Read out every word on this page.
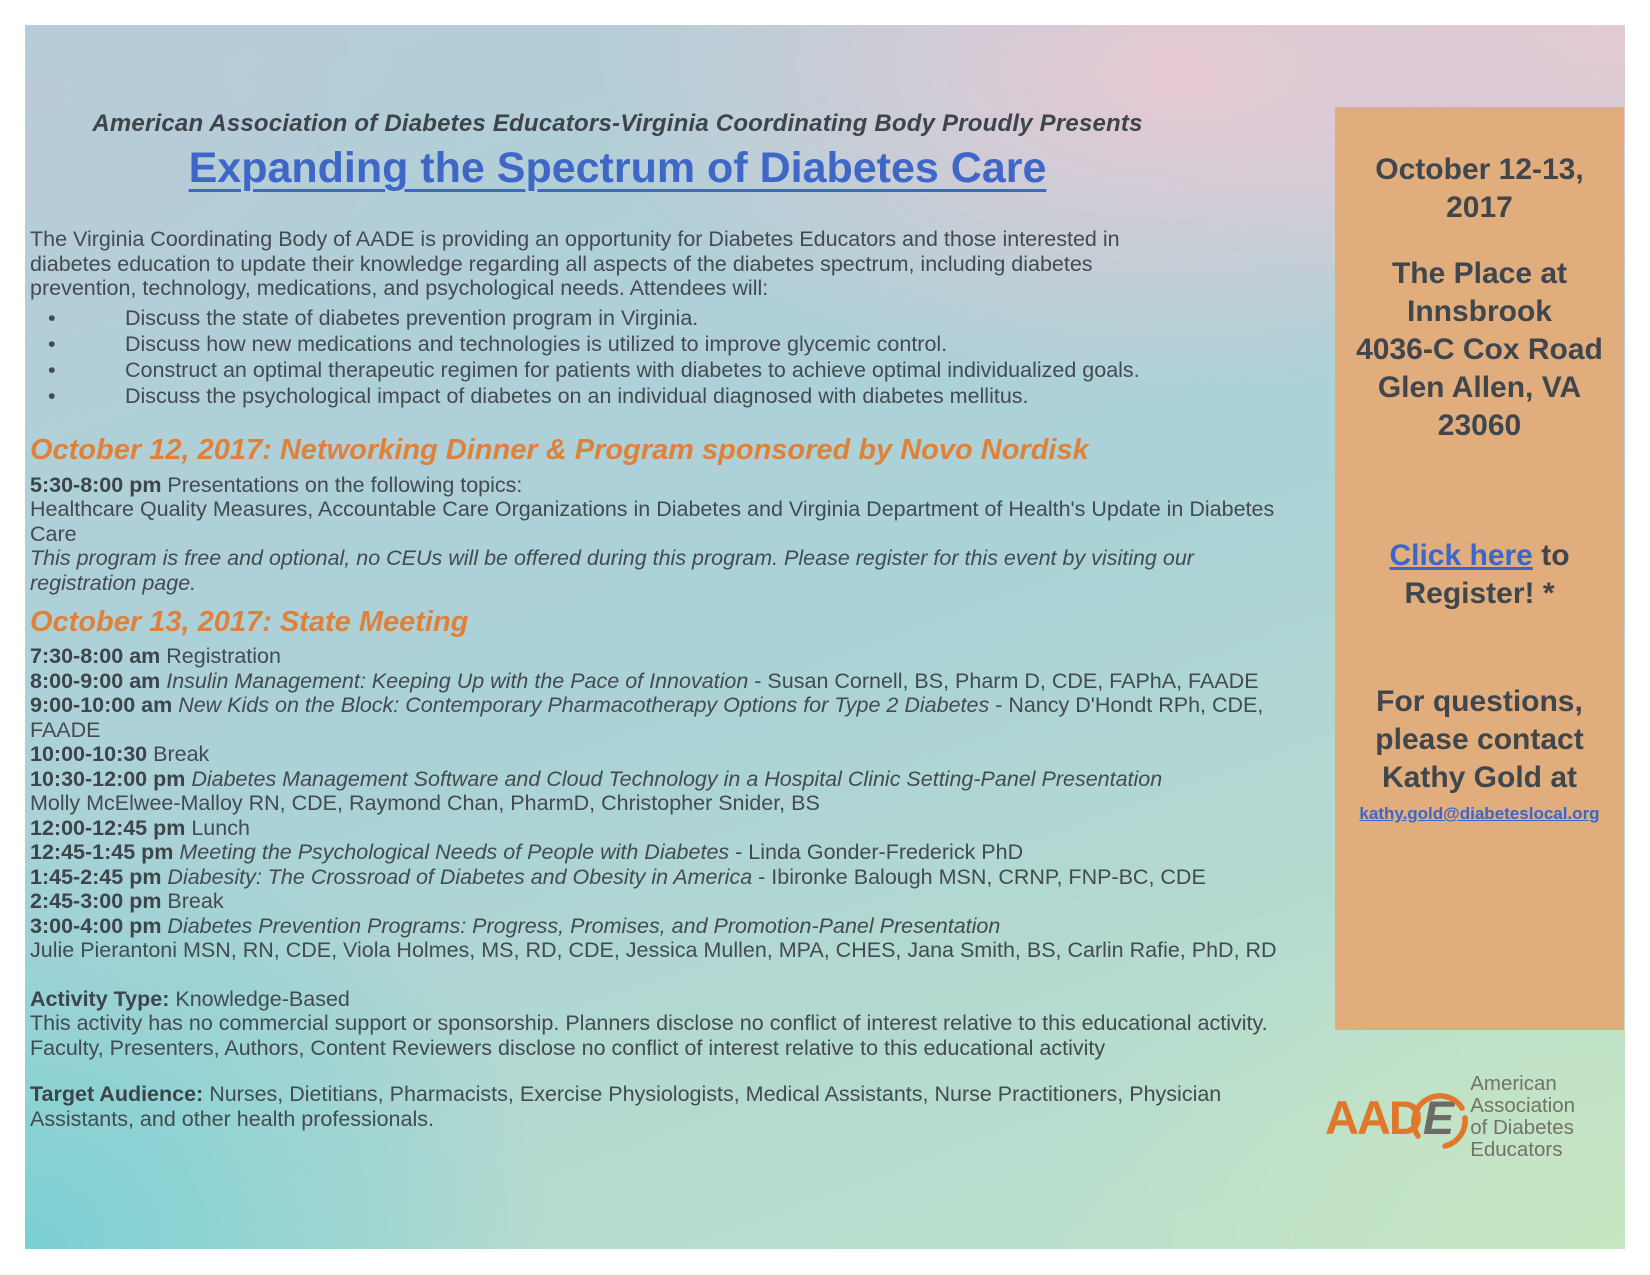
American Association of Diabetes Educators-Virginia Coordinating Body Proudly Presents
Expanding the Spectrum of Diabetes Care

The Virginia Coordinating Body of AADE is providing an opportunity for Diabetes Educators and those interested in diabetes education to update their knowledge regarding all aspects of the diabetes spectrum, including diabetes prevention, technology, medications, and psychological needs. Attendees will:

• Discuss the state of diabetes prevention program in Virginia.
• Discuss how new medications and technologies is utilized to improve glycemic control.
• Construct an optimal therapeutic regimen for patients with diabetes to achieve optimal individualized goals.
• Discuss the psychological impact of diabetes on an individual diagnosed with diabetes mellitus.
October 12, 2017: Networking Dinner & Program sponsored by Novo Nordisk
5:30-8:00 pm Presentations on the following topics:
Healthcare Quality Measures, Accountable Care Organizations in Diabetes and Virginia Department of Health's Update in Diabetes Care
This program is free and optional, no CEUs will be offered during this program. Please register for this event by visiting our registration page.
October 13, 2017: State Meeting
7:30-8:00 am Registration
8:00-9:00 am Insulin Management: Keeping Up with the Pace of Innovation - Susan Cornell, BS, Pharm D, CDE, FAPhA, FAADE
9:00-10:00 am New Kids on the Block: Contemporary Pharmacotherapy Options for Type 2 Diabetes - Nancy D'Hondt RPh, CDE, FAADE
10:00-10:30 Break
10:30-12:00 pm Diabetes Management Software and Cloud Technology in a Hospital Clinic Setting-Panel Presentation
Molly McElwee-Malloy RN, CDE, Raymond Chan, PharmD, Christopher Snider, BS
12:00-12:45 pm Lunch
12:45-1:45 pm Meeting the Psychological Needs of People with Diabetes - Linda Gonder-Frederick PhD
1:45-2:45 pm Diabesity: The Crossroad of Diabetes and Obesity in America - Ibironke Balough MSN, CRNP, FNP-BC, CDE
2:45-3:00 pm Break
3:00-4:00 pm Diabetes Prevention Programs: Progress, Promises, and Promotion-Panel Presentation
Julie Pierantoni MSN, RN, CDE, Viola Holmes, MS, RD, CDE, Jessica Mullen, MPA, CHES, Jana Smith, BS, Carlin Rafie, PhD, RD
Activity Type: Knowledge-Based
This activity has no commercial support or sponsorship. Planners disclose no conflict of interest relative to this educational activity.
Faculty, Presenters, Authors, Content Reviewers disclose no conflict of interest relative to this educational activity
Target Audience: Nurses, Dietitians, Pharmacists, Exercise Physiologists, Medical Assistants, Nurse Practitioners, Physician Assistants, and other health professionals.
October 12-13, 2017
The Place at Innsbrook
4036-C Cox Road
Glen Allen, VA 23060
Click here to Register! *
For questions, please contact Kathy Gold at
kathy.gold@diabeteslocal.org
AADE
American Association
of Diabetes Educators
